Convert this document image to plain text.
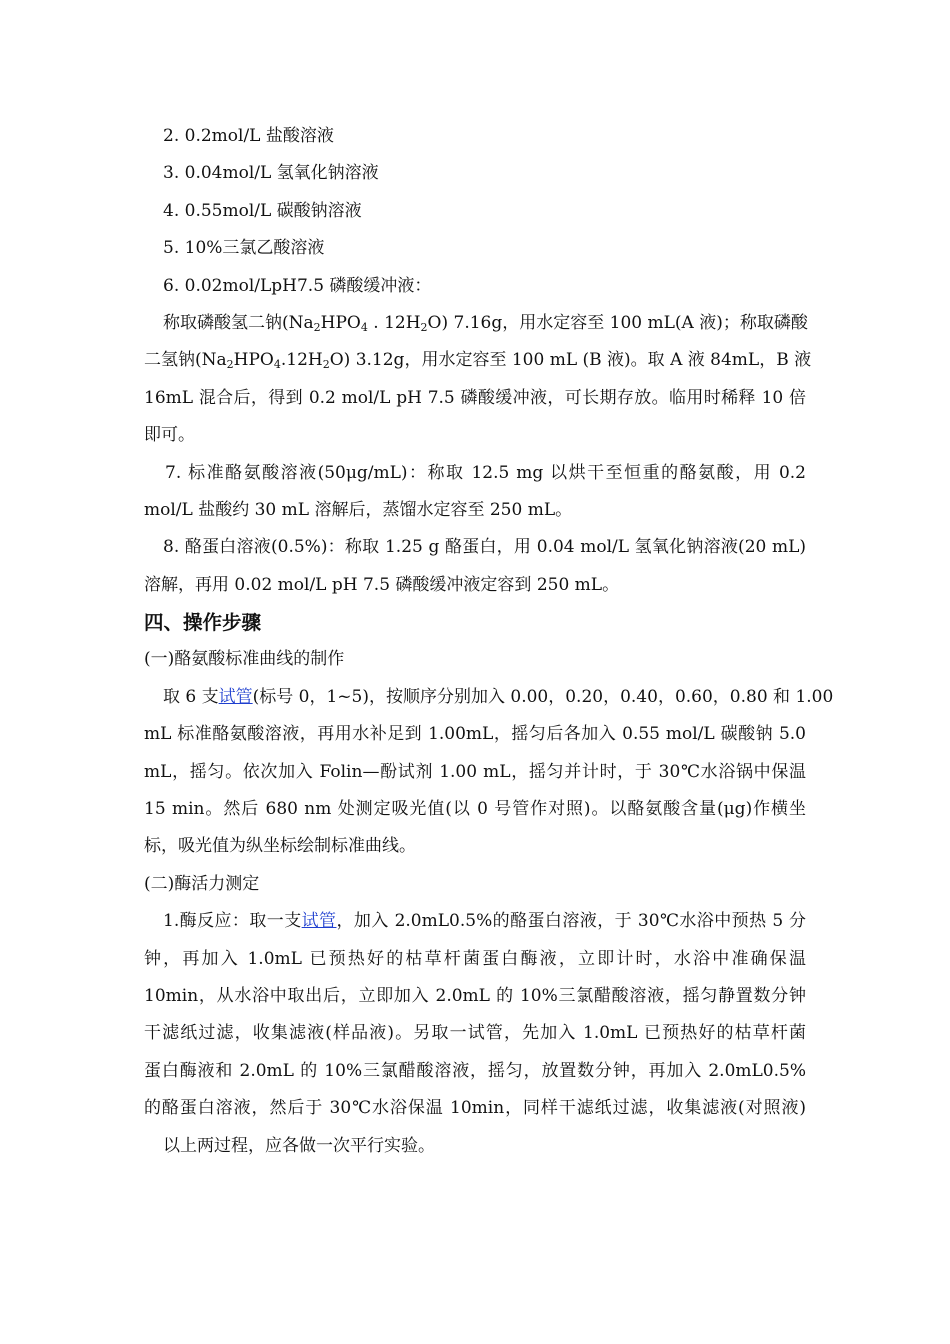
2. 0.2mol/L 盐酸溶液
3. 0.04mol/L 氢氧化钠溶液
4. 0.55mol/L 碳酸钠溶液
5. 10%三氯乙酸溶液
6. 0.02mol/LpH7.5 磷酸缓冲液：
称取磷酸氢二钠($Na_2HPO_4$ . $12H_2O$) 7.16g，用水定容至 100 mL(A 液)；称取磷酸
二氢钠$(Na_2HPO_4.12H_2O)$ 3.12g，用水定容至 100 mL (B 液)。取 A 液 84mL，B 液
16mL 混合后，得到 0.2 mol/L pH 7.5 磷酸缓冲液，可长期存放。临用时稀释 10 倍
即可。
7. 标准酪氨酸溶液(50μg/mL)：称取 12.5 mg 以烘干至恒重的酪氨酸，用 0.2
mol/L 盐酸约 30 mL 溶解后，蒸馏水定容至 250 mL。
8. 酪蛋白溶液(0.5%)：称取 1.25 g 酪蛋白，用 0.04 mol/L 氢氧化钠溶液(20 mL)
溶解，再用 0.02 mol/L pH 7.5 磷酸缓冲液定容到 250 mL。
四、操作步骤
(一)酪氨酸标准曲线的制作
取 6 支试管(标号 0，1~5)，按顺序分别加入 0.00，0.20，0.40，0.60，0.80 和 1.00
mL 标准酪氨酸溶液，再用水补足到 1.00mL，摇匀后各加入 0.55 mol/L 碳酸钠 5.0
mL，摇匀。依次加入 Folin—酚试剂 1.00 mL，摇匀并计时，于 30℃水浴锅中保温
15 min。然后 680 nm 处测定吸光值(以 0 号管作对照)。以酪氨酸含量(μg)作横坐
标，吸光值为纵坐标绘制标准曲线。
(二)酶活力测定
1.酶反应：取一支试管，加入 2.0mL0.5%的酪蛋白溶液，于 30℃水浴中预热 5 分
钟，再加入 1.0mL 已预热好的枯草杆菌蛋白酶液，立即计时，水浴中准确保温
10min，从水浴中取出后，立即加入 2.0mL 的 10%三氯醋酸溶液，摇匀静置数分钟
干滤纸过滤，收集滤液(样品液)。另取一试管，先加入 1.0mL 已预热好的枯草杆菌
蛋白酶液和 2.0mL 的 10%三氯醋酸溶液，摇匀，放置数分钟，再加入 2.0mL0.5%
的酪蛋白溶液，然后于 30℃水浴保温 10min，同样干滤纸过滤，收集滤液(对照液)
以上两过程，应各做一次平行实验。
